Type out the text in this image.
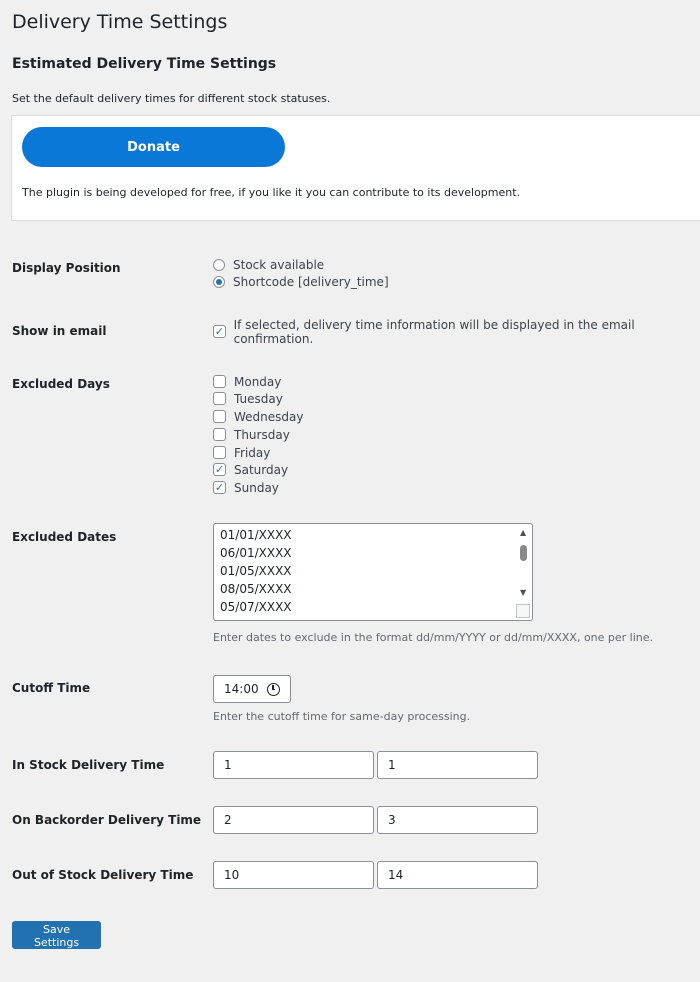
Delivery Time Settings
Estimated Delivery Time Settings
Set the default delivery times for different stock statuses.
Donate
The plugin is being developed for free, if you like it you can contribute to its development.
Display Position	Stock available
Shortcode [delivery_time]
Show in email	✓ If selected, delivery time information will be displayed in the email confirmation.
Excluded Days	Monday
Tuesday
Wednesday
Thursday
Friday
✓ Saturday
✓ Sunday
Excluded Dates	01/01/XXXX
06/01/XXXX
01/05/XXXX
08/05/XXXX
05/07/XXXX
▲
▼
Enter dates to exclude in the format dd/mm/YYYY or dd/mm/XXXX, one per line.
Cutoff Time	14:00
Enter the cutoff time for same-day processing.
In Stock Delivery Time	1	1
On Backorder Delivery Time	2	3
Out of Stock Delivery Time	10	14
Save Settings
